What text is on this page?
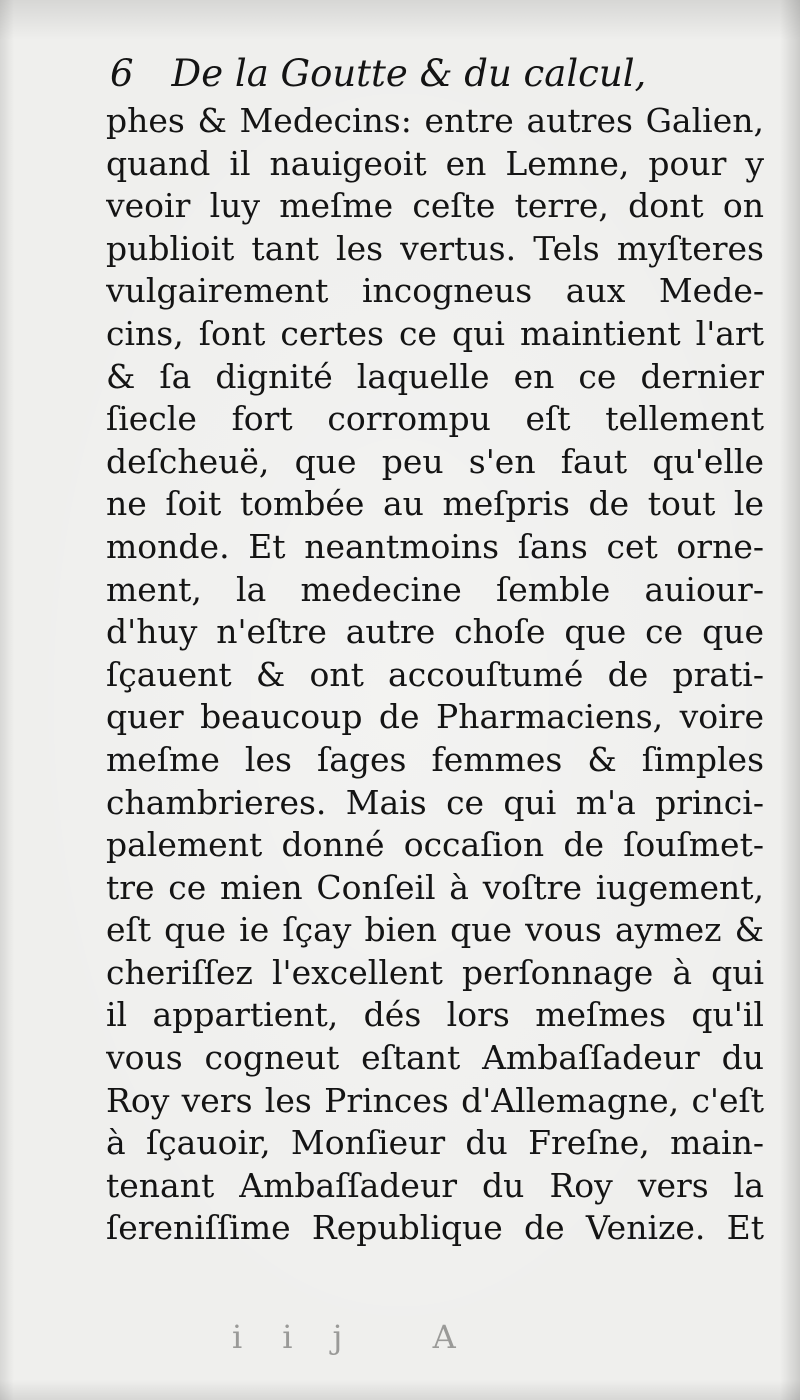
6 De la Goutte & du calcul,
phes & Medecins: entre autres Galien,
quand il nauigeoit en Lemne, pour y
veoir luy meſme ceſte terre, dont on
publioit tant les vertus. Tels myſteres
vulgairement incogneus aux Mede-
cins, ſont certes ce qui maintient l'art
& ſa dignité laquelle en ce dernier
ſiecle fort corrompu eſt tellement
deſcheuë, que peu s'en faut qu'elle
ne ſoit tombée au meſpris de tout le
monde. Et neantmoins ſans cet orne-
ment, la medecine ſemble auiour-
d'huy n'eſtre autre choſe que ce que
ſçauent & ont accouſtumé de prati-
quer beaucoup de Pharmaciens, voire
meſme les ſages femmes & ſimples
chambrieres. Mais ce qui m'a princi-
palement donné occaſion de ſouſmet-
tre ce mien Conſeil à voſtre iugement,
eſt que ie ſçay bien que vous aymez &
cheriſſez l'excellent perſonnage à qui
il appartient, dés lors meſmes qu'il
vous cogneut eſtant Ambaſſadeur du
Roy vers les Princes d'Allemagne, c'eſt
à ſçauoir, Monſieur du Freſne, main-
tenant Ambaſſadeur du Roy vers la
ſereniſſime Republique de Venize. Et
iij A
